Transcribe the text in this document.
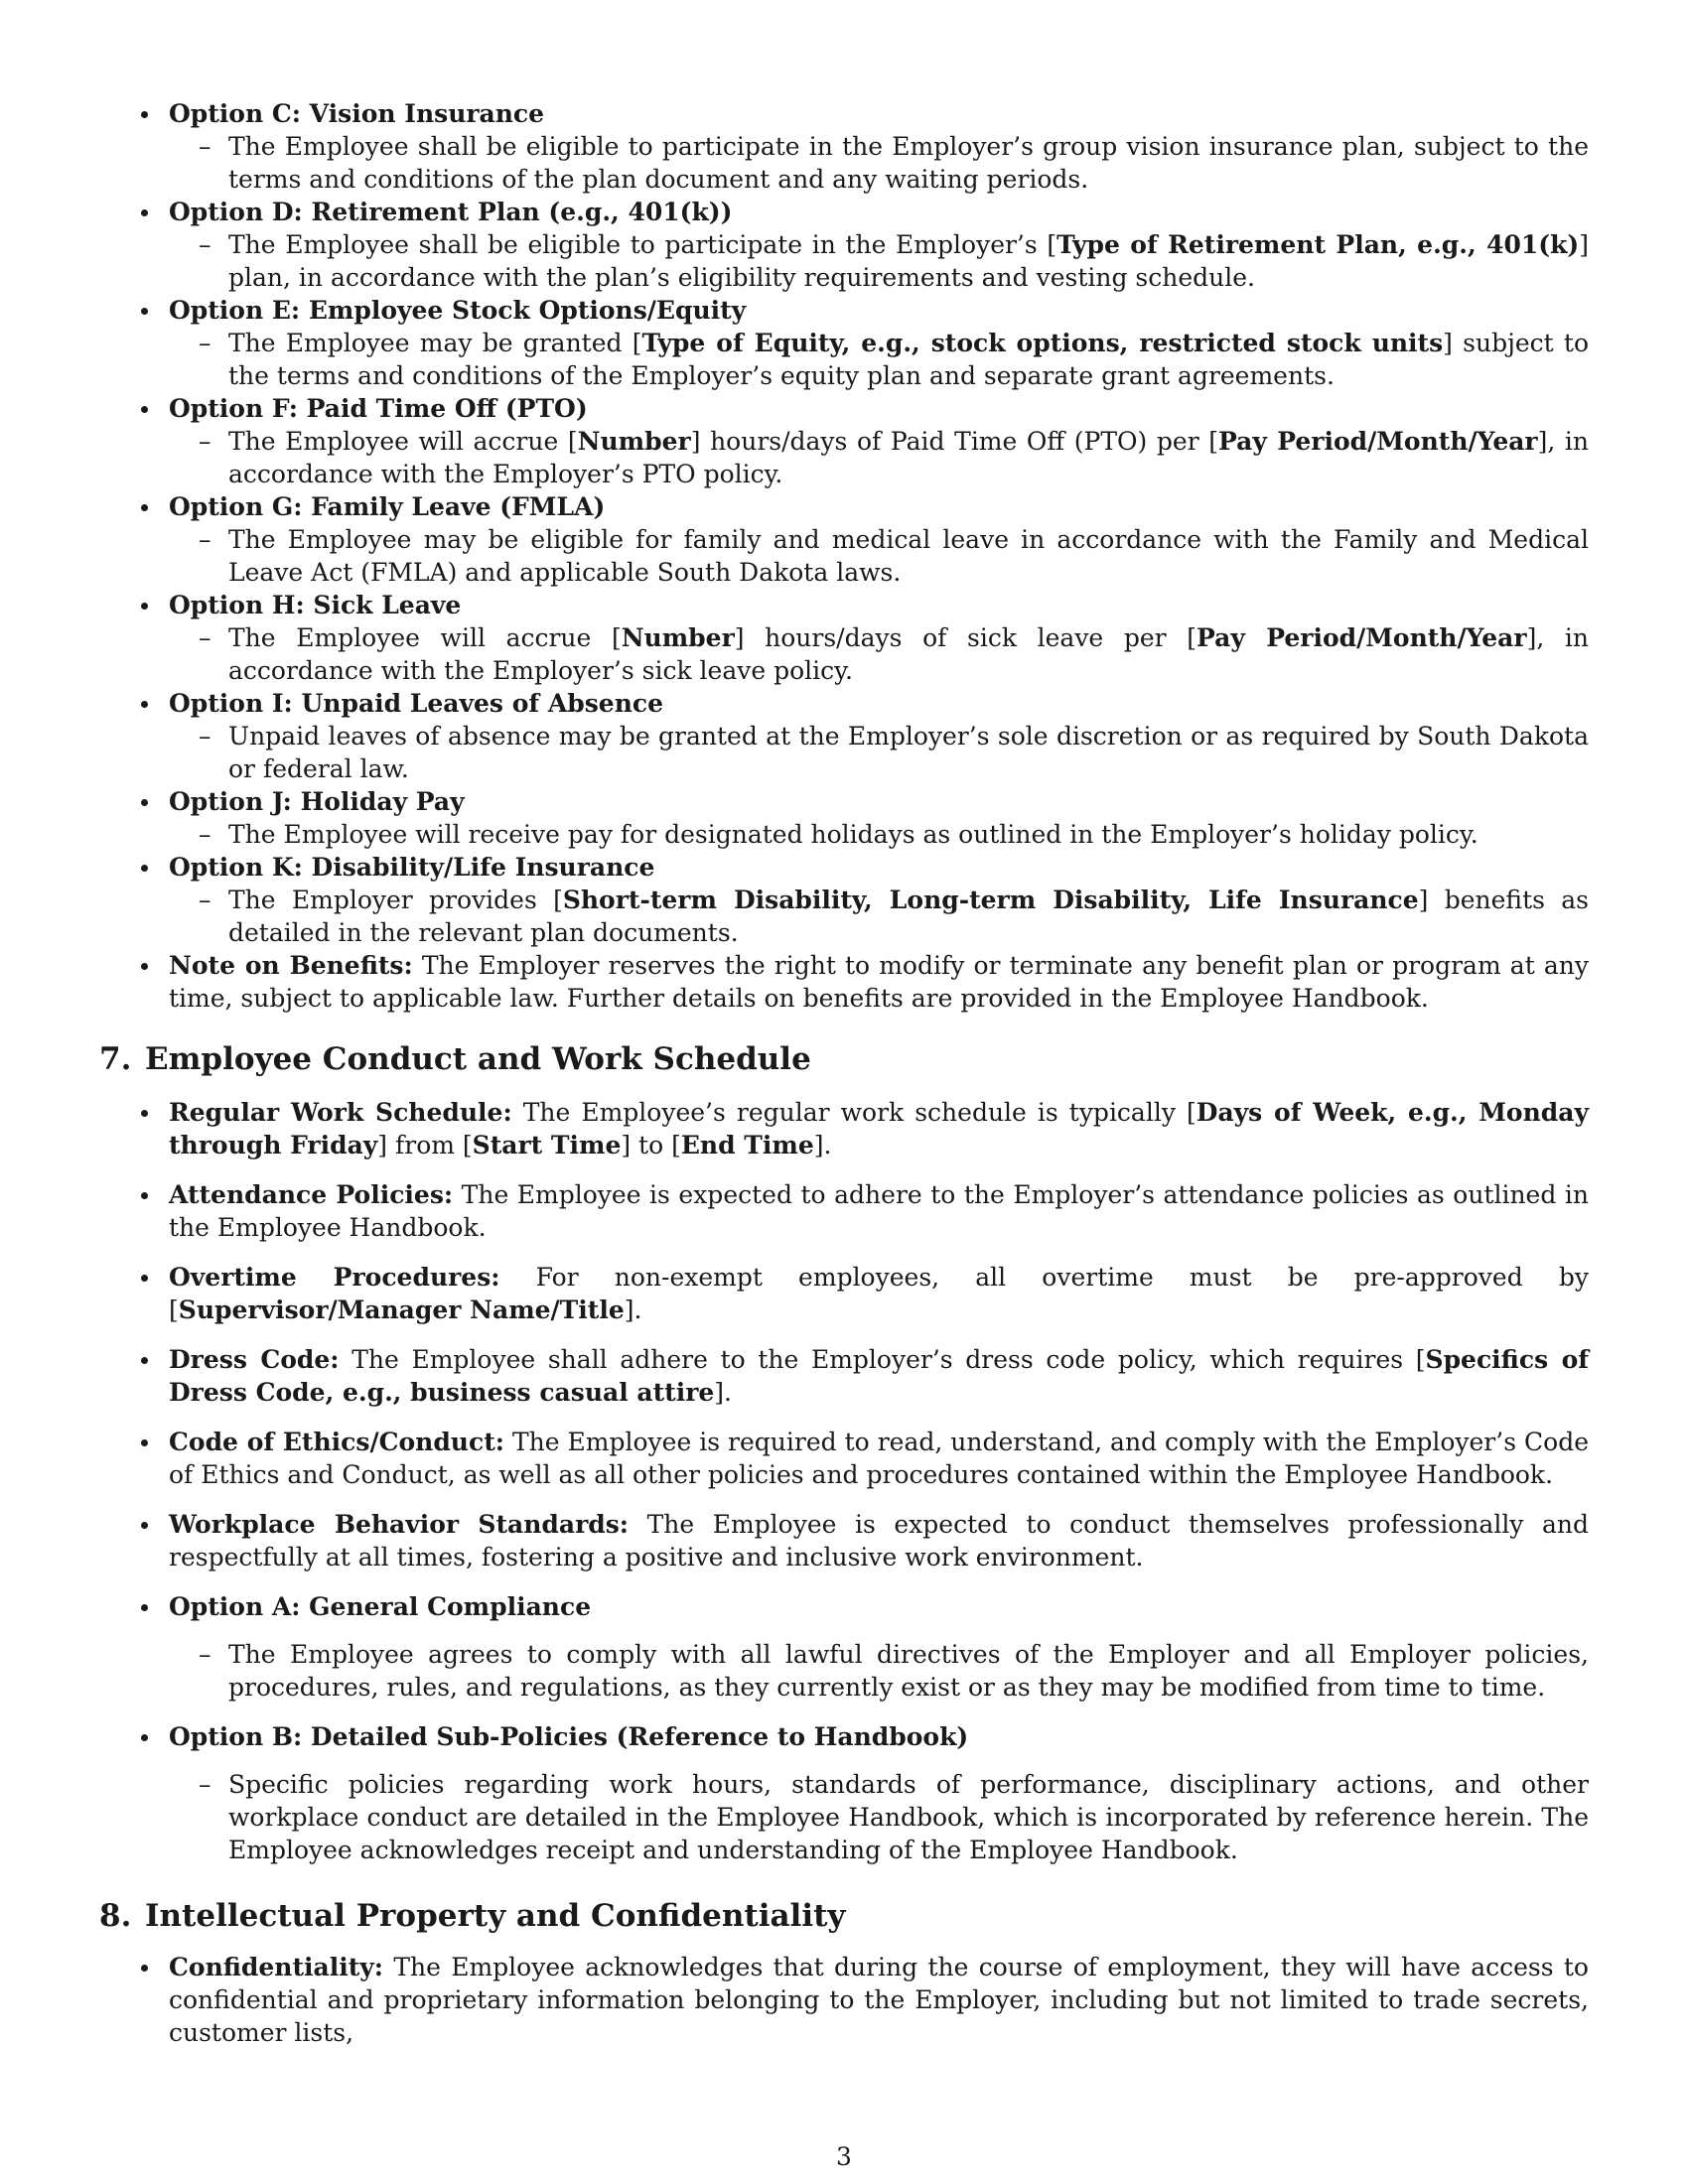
Option C: Vision Insurance
– The Employee shall be eligible to participate in the Employer’s group vision insurance plan, subject to the terms and conditions of the plan document and any waiting periods.
Option D: Retirement Plan (e.g., 401(k))
– The Employee shall be eligible to participate in the Employer’s [Type of Retirement Plan, e.g., 401(k)] plan, in accordance with the plan’s eligibility requirements and vesting schedule.
Option E: Employee Stock Options/Equity
– The Employee may be granted [Type of Equity, e.g., stock options, restricted stock units] subject to the terms and conditions of the Employer’s equity plan and separate grant agreements.
Option F: Paid Time Off (PTO)
– The Employee will accrue [Number] hours/days of Paid Time Off (PTO) per [Pay Period/Month/Year], in accordance with the Employer’s PTO policy.
Option G: Family Leave (FMLA)
– The Employee may be eligible for family and medical leave in accordance with the Family and Medical Leave Act (FMLA) and applicable South Dakota laws.
Option H: Sick Leave
– The Employee will accrue [Number] hours/days of sick leave per [Pay Period/Month/Year], in accordance with the Employer’s sick leave policy.
Option I: Unpaid Leaves of Absence
– Unpaid leaves of absence may be granted at the Employer’s sole discretion or as required by South Dakota or federal law.
Option J: Holiday Pay
– The Employee will receive pay for designated holidays as outlined in the Employer’s holiday policy.
Option K: Disability/Life Insurance
– The Employer provides [Short-term Disability, Long-term Disability, Life Insurance] benefits as detailed in the relevant plan documents.
Note on Benefits: The Employer reserves the right to modify or terminate any benefit plan or program at any time, subject to applicable law. Further details on benefits are provided in the Employee Handbook.
7. Employee Conduct and Work Schedule
Regular Work Schedule: The Employee’s regular work schedule is typically [Days of Week, e.g., Monday through Friday] from [Start Time] to [End Time].
Attendance Policies: The Employee is expected to adhere to the Employer’s attendance policies as outlined in the Employee Handbook.
Overtime Procedures: For non-exempt employees, all overtime must be pre-approved by [Supervisor/Manager Name/Title].
Dress Code: The Employee shall adhere to the Employer’s dress code policy, which requires [Specifics of Dress Code, e.g., business casual attire].
Code of Ethics/Conduct: The Employee is required to read, understand, and comply with the Employer’s Code of Ethics and Conduct, as well as all other policies and procedures contained within the Employee Handbook.
Workplace Behavior Standards: The Employee is expected to conduct themselves professionally and respectfully at all times, fostering a positive and inclusive work environment.
Option A: General Compliance
– The Employee agrees to comply with all lawful directives of the Employer and all Employer policies, procedures, rules, and regulations, as they currently exist or as they may be modified from time to time.
Option B: Detailed Sub-Policies (Reference to Handbook)
– Specific policies regarding work hours, standards of performance, disciplinary actions, and other workplace conduct are detailed in the Employee Handbook, which is incorporated by reference herein. The Employee acknowledges receipt and understanding of the Employee Handbook.
8. Intellectual Property and Confidentiality
Confidentiality: The Employee acknowledges that during the course of employment, they will have access to confidential and proprietary information belonging to the Employer, including but not limited to trade secrets, customer lists,
3
